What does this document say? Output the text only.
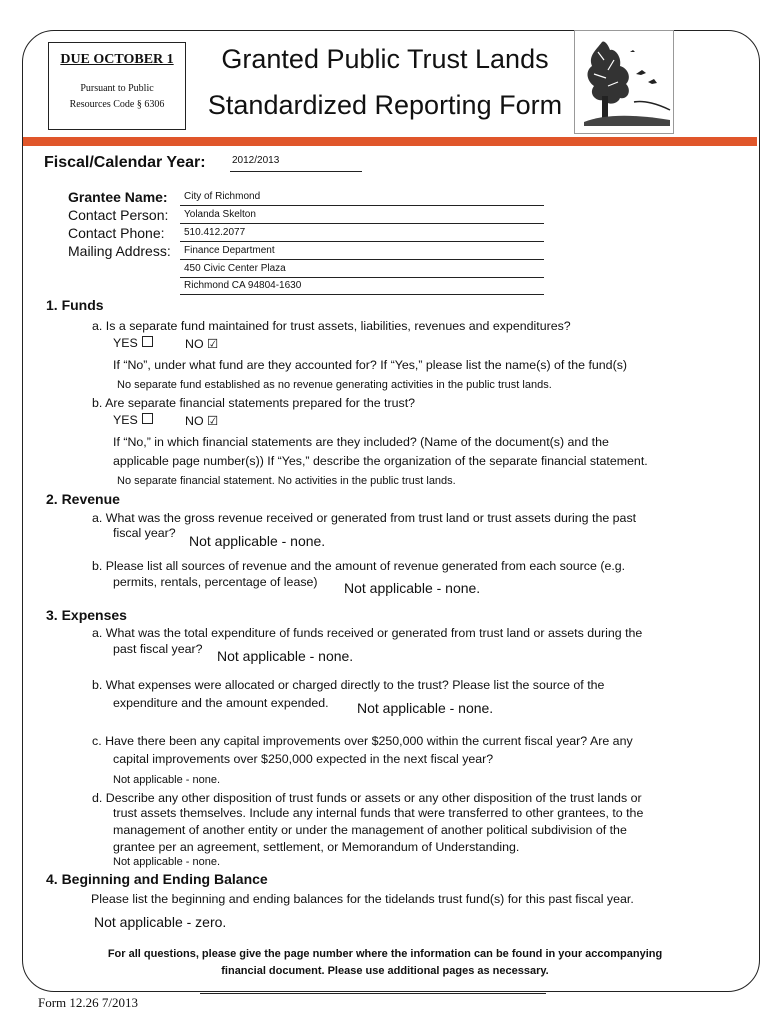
DUE OCTOBER 1
Pursuant to Public
Resources Code § 6306
Granted Public Trust Lands
Standardized Reporting Form
Fiscal/Calendar Year:	2012/2013
Grantee Name: City of Richmond
Contact Person: Yolanda Skelton
Contact Phone: 510.412.2077
Mailing Address: Finance Department
450 Civic Center Plaza
Richmond CA 94804-1630
1. Funds
a. Is a separate fund maintained for trust assets, liabilities, revenues and expenditures?
YES	NO ☑
If “No”, under what fund are they accounted for? If “Yes,” please list the name(s) of the fund(s)
No separate fund established as no revenue generating activities in the public trust lands.
b. Are separate financial statements prepared for the trust?
YES	NO ☑
If “No,” in which financial statements are they included? (Name of the document(s) and the
applicable page number(s)) If “Yes,” describe the organization of the separate financial statement.
No separate financial statement. No activities in the public trust lands.
2. Revenue
a. What was the gross revenue received or generated from trust land or trust assets during the past
fiscal year? Not applicable - none.
b. Please list all sources of revenue and the amount of revenue generated from each source (e.g.
permits, rentals, percentage of lease) Not applicable - none.
3. Expenses
a. What was the total expenditure of funds received or generated from trust land or assets during the
past fiscal year? Not applicable - none.
b. What expenses were allocated or charged directly to the trust? Please list the source of the
expenditure and the amount expended. Not applicable - none.
c. Have there been any capital improvements over $250,000 within the current fiscal year? Are any
capital improvements over $250,000 expected in the next fiscal year?
Not applicable - none.
d. Describe any other disposition of trust funds or assets or any other disposition of the trust lands or
trust assets themselves. Include any internal funds that were transferred to other grantees, to the
management of another entity or under the management of another political subdivision of the
grantee per an agreement, settlement, or Memorandum of Understanding.
Not applicable - none.
4. Beginning and Ending Balance
Please list the beginning and ending balances for the tidelands trust fund(s) for this past fiscal year.
Not applicable - zero.
For all questions, please give the page number where the information can be found in your accompanying
financial document. Please use additional pages as necessary.
Form 12.26 7/2013
